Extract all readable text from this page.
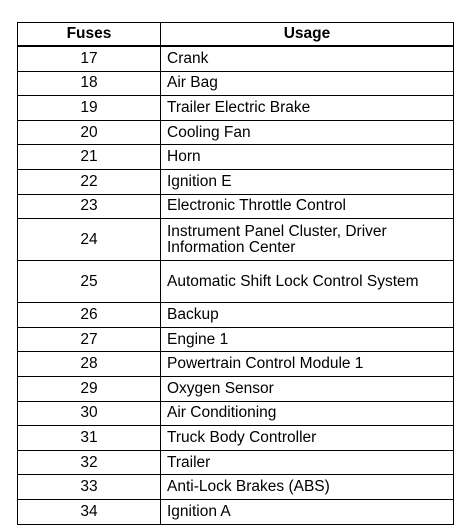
Fuses	Usage
17	Crank
18	Air Bag
19	Trailer Electric Brake
20	Cooling Fan
21	Horn
22	Ignition E
23	Electronic Throttle Control
24	Instrument Panel Cluster, Driver Information Center
25	Automatic Shift Lock Control System
26	Backup
27	Engine 1
28	Powertrain Control Module 1
29	Oxygen Sensor
30	Air Conditioning
31	Truck Body Controller
32	Trailer
33	Anti-Lock Brakes (ABS)
34	Ignition A
